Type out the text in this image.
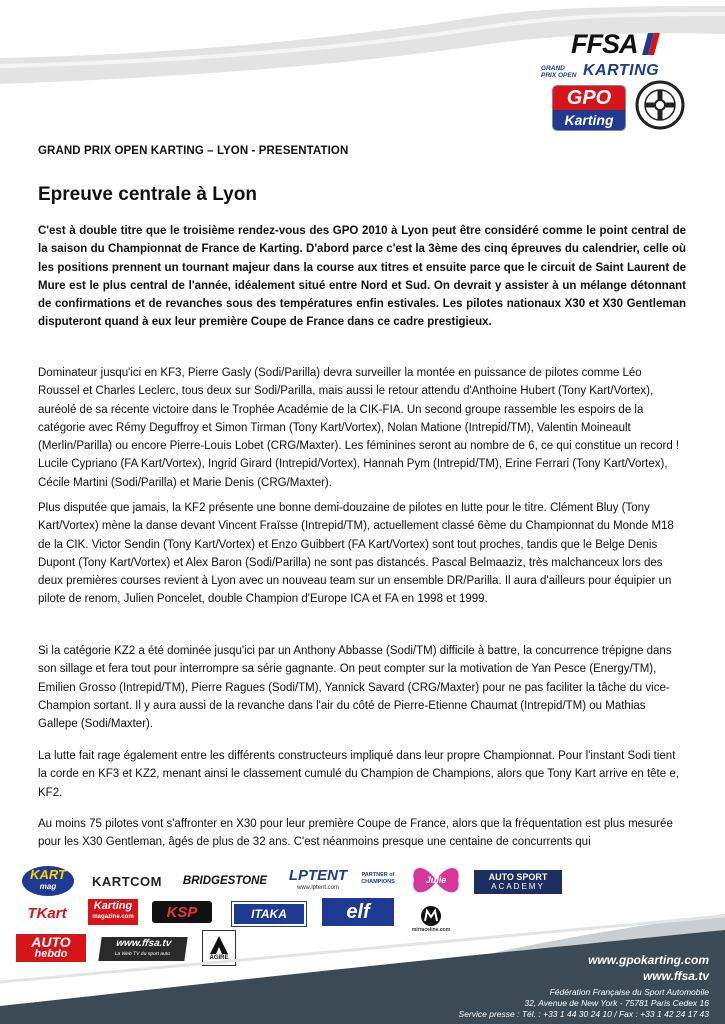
FFSA
GRAND PRIX OPEN KARTING
GPO
Karting
GRAND PRIX OPEN KARTING – LYON - PRESENTATION
Epreuve centrale à Lyon

C'est à double titre que le troisième rendez-vous des GPO 2010 à Lyon peut être considéré comme le point central de la saison du Championnat de France de Karting. D'abord parce c'est la 3ème des cinq épreuves du calendrier, celle où les positions prennent un tournant majeur dans la course aux titres et ensuite parce que le circuit de Saint Laurent de Mure est le plus central de l'année, idéalement situé entre Nord et Sud. On devrait y assister à un mélange détonnant de confirmations et de revanches sous des températures enfin estivales. Les pilotes nationaux X30 et X30 Gentleman disputeront quand à eux leur première Coupe de France dans ce cadre prestigieux.

Dominateur jusqu'ici en KF3, Pierre Gasly (Sodi/Parilla) devra surveiller la montée en puissance de pilotes comme Léo Roussel et Charles Leclerc, tous deux sur Sodi/Parilla, mais aussi le retour attendu d'Anthoine Hubert (Tony Kart/Vortex), auréolé de sa récente victoire dans le Trophée Académie de la CIK-FIA. Un second groupe rassemble les espoirs de la catégorie avec Rémy Deguffroy et Simon Tirman (Tony Kart/Vortex), Nolan Matione (Intrepid/TM), Valentin Moineault (Merlin/Parilla) ou encore Pierre-Louis Lobet (CRG/Maxter). Les féminines seront au nombre de 6, ce qui constitue un record ! Lucile Cypriano (FA Kart/Vortex), Ingrid Girard (Intrepid/Vortex), Hannah Pym (Intrepid/TM), Erine Ferrari (Tony Kart/Vortex), Cécile Martini (Sodi/Parilla) et Marie Denis (CRG/Maxter).

Plus disputée que jamais, la KF2 présente une bonne demi-douzaine de pilotes en lutte pour le titre. Clément Bluy (Tony Kart/Vortex) mène la danse devant Vincent Fraïsse (Intrepid/TM), actuellement classé 6ème du Championnat du Monde M18 de la CIK. Victor Sendin (Tony Kart/Vortex) et Enzo Guibbert (FA Kart/Vortex) sont tout proches, tandis que le Belge Denis Dupont (Tony Kart/Vortex) et Alex Baron (Sodi/Parilla) ne sont pas distancés. Pascal Belmaaziz, très malchanceux lors des deux premières courses revient à Lyon avec un nouveau team sur un ensemble DR/Parilla. Il aura d'ailleurs pour équipier un pilote de renom, Julien Poncelet, double Champion d'Europe ICA et FA en 1998 et 1999.

Si la catégorie KZ2 a été dominée jusqu'ici par un Anthony Abbasse (Sodi/TM) difficile à battre, la concurrence trépigne dans son sillage et fera tout pour interrompre sa série gagnante. On peut compter sur la motivation de Yan Pesce (Energy/TM), Emilien Grosso (Intrepid/TM), Pierre Ragues (Sodi/TM), Yannick Savard (CRG/Maxter) pour ne pas faciliter la tâche du vice-Champion sortant. Il y aura aussi de la revanche dans l'air du côté de Pierre-Etienne Chaumat (Intrepid/TM) ou Mathias Gallepe (Sodi/Maxter).

La lutte fait rage également entre les différents constructeurs impliqué dans leur propre Championnat. Pour l'instant Sodi tient la corde en KF3 et KZ2, menant ainsi le classement cumulé du Champion de Champions, alors que Tony Kart arrive en tête e, KF2.

Au moins 75 pilotes vont s'affronter en X30 pour leur première Coupe de France, alors que la fréquentation est plus mesurée pour les X30 Gentleman, âgés de plus de 32 ans. C'est néanmoins presque une centaine de concurrents qui

KART
mag	KARTCOM	BRIDGESTONE LPTENT
www.lptent.com
PARTNER of CHAMPIONS	Julie	AUTO SPORT
ACADEMY
TKart	Karting
magazine.com	KSP	ITAKA	elf
mirraceline.com
AUTO
hebdo
www.ffsa.tv
La Web TV du sport auto
AGIRE	www.gpokarting.com
www.ffsa.tv
Fédération Française du Sport Automobile
32, Avenue de New York - 75781 Paris Cedex 16
Service presse : Tél. : +33 1 44 30 24 10 / Fax : +33 1 42 24 17 43
